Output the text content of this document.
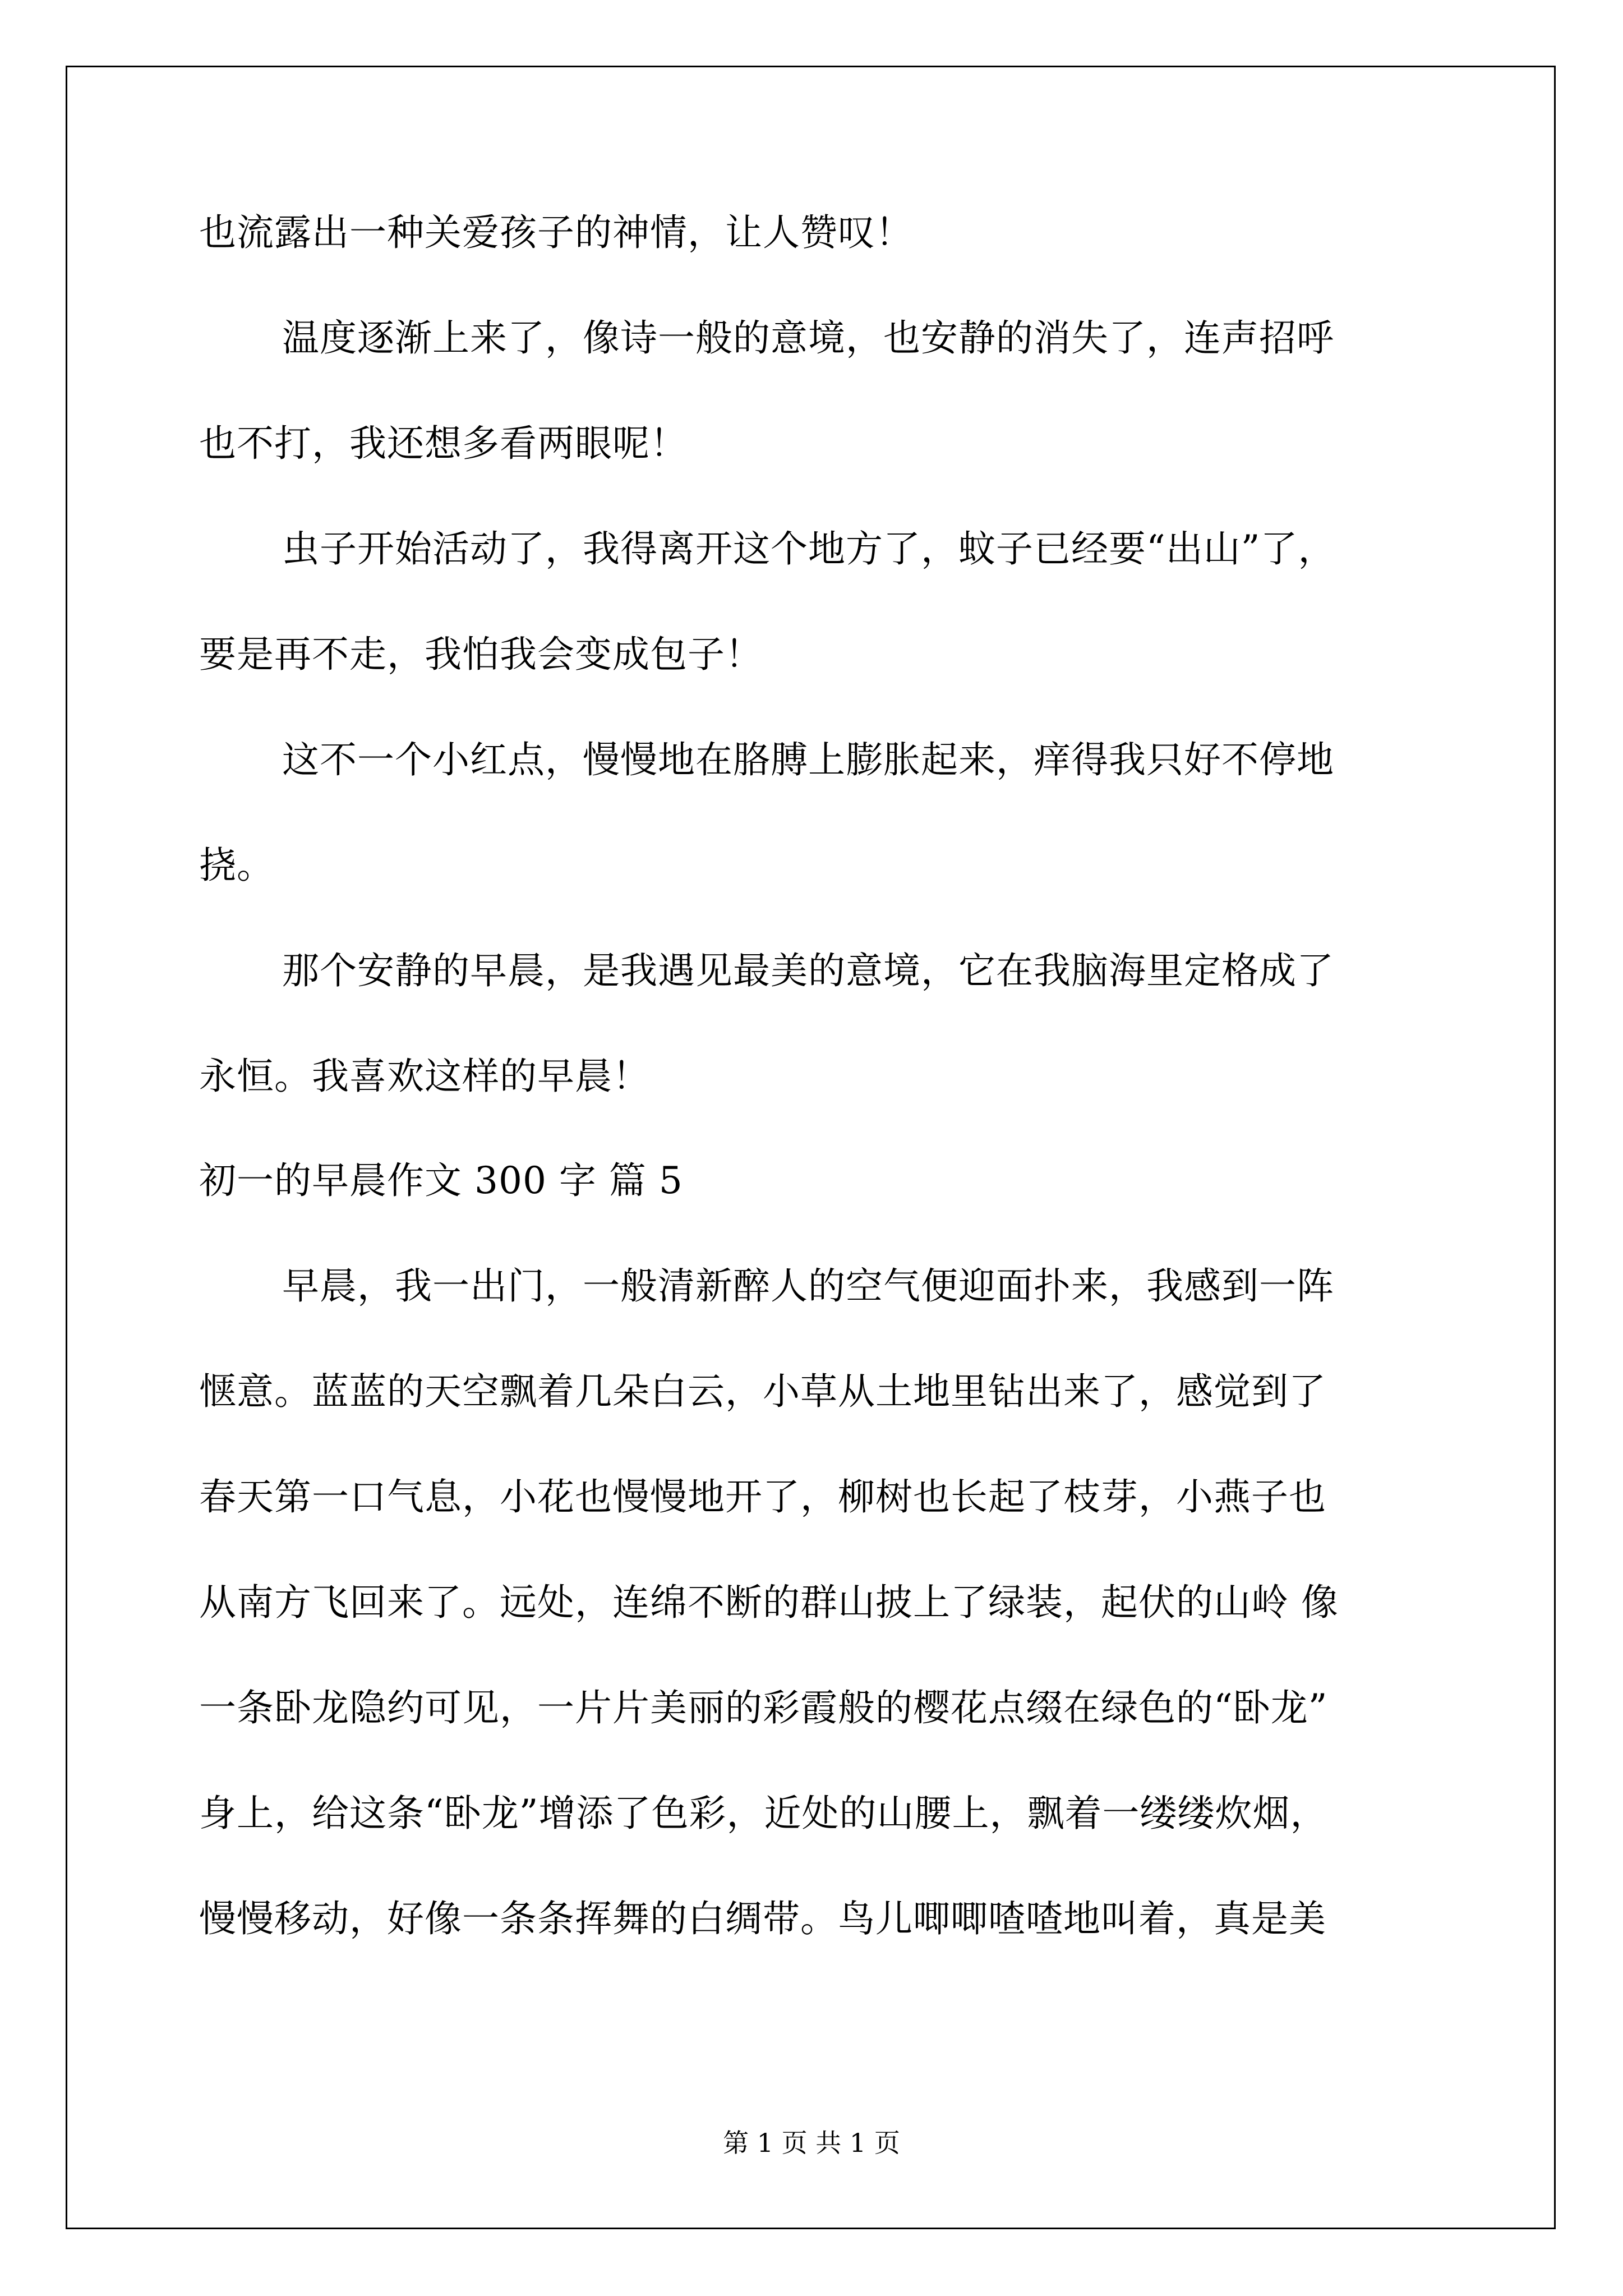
也流露出一种关爱孩子的神情，让人赞叹！
温度逐渐上来了，像诗一般的意境，也安静的消失了，连声招呼
也不打，我还想多看两眼呢！
虫子开始活动了，我得离开这个地方了，蚊子已经要“出山”了，
要是再不走，我怕我会变成包子！
这不一个小红点，慢慢地在胳膊上膨胀起来，痒得我只好不停地
挠。
那个安静的早晨，是我遇见最美的意境，它在我脑海里定格成了
永恒。我喜欢这样的早晨！
初一的早晨作文 300 字 篇 5
早晨，我一出门，一般清新醉人的空气便迎面扑来，我感到一阵
惬意。蓝蓝的天空飘着几朵白云，小草从土地里钻出来了，感觉到了
春天第一口气息，小花也慢慢地开了，柳树也长起了枝芽，小燕子也
从南方飞回来了。远处，连绵不断的群山披上了绿装，起伏的山岭 像
一条卧龙隐约可见，一片片美丽的彩霞般的樱花点缀在绿色的“卧龙”
身上，给这条“卧龙”增添了色彩，近处的山腰上，飘着一缕缕炊烟，
慢慢移动，好像一条条挥舞的白绸带。鸟儿唧唧喳喳地叫着，真是美
第 1 页 共 1 页
